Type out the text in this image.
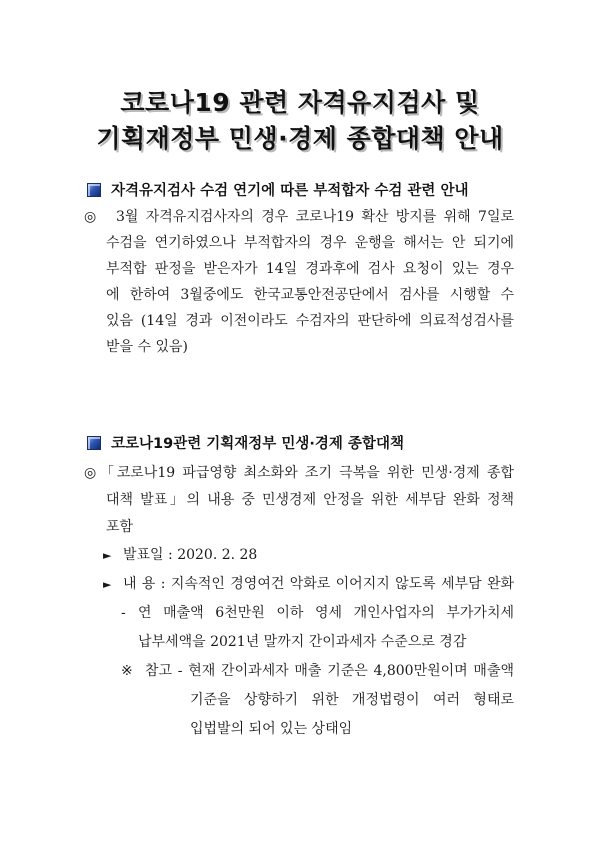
코로나19 관련 자격유지검사 및
기획재정부 민생·경제 종합대책 안내
자격유지검사 수검 연기에 따른 부적합자 수검 관련 안내
◎ 3월 자격유지검사자의 경우 코로나19 확산 방지를 위해 7일로
수검을 연기하였으나 부적합자의 경우 운행을 해서는 안 되기에
부적합 판정을 받은자가 14일 경과후에 검사 요청이 있는 경우
에 한하여 3월중에도 한국교통안전공단에서 검사를 시행할 수
있음 (14일 경과 이전이라도 수검자의 판단하에 의료적성검사를
받을 수 있음)
코로나19관련 기획재정부 민생·경제 종합대책
◎ 「코로나19 파급영향 최소화와 조기 극복을 위한 민생·경제 종합
대책 발표」의 내용 중 민생경제 안정을 위한 세부담 완화 정책
포함
► 발표일 : 2020. 2. 28
► 내 용 : 지속적인 경영여건 악화로 이어지지 않도록 세부담 완화
- 연 매출액 6천만원 이하 영세 개인사업자의 부가가치세
납부세액을 2021년 말까지 간이과세자 수준으로 경감
※ 참고 - 현재 간이과세자 매출 기준은 4,800만원이며 매출액
기준을 상향하기 위한 개정법령이 여러 형태로
입법발의 되어 있는 상태임
